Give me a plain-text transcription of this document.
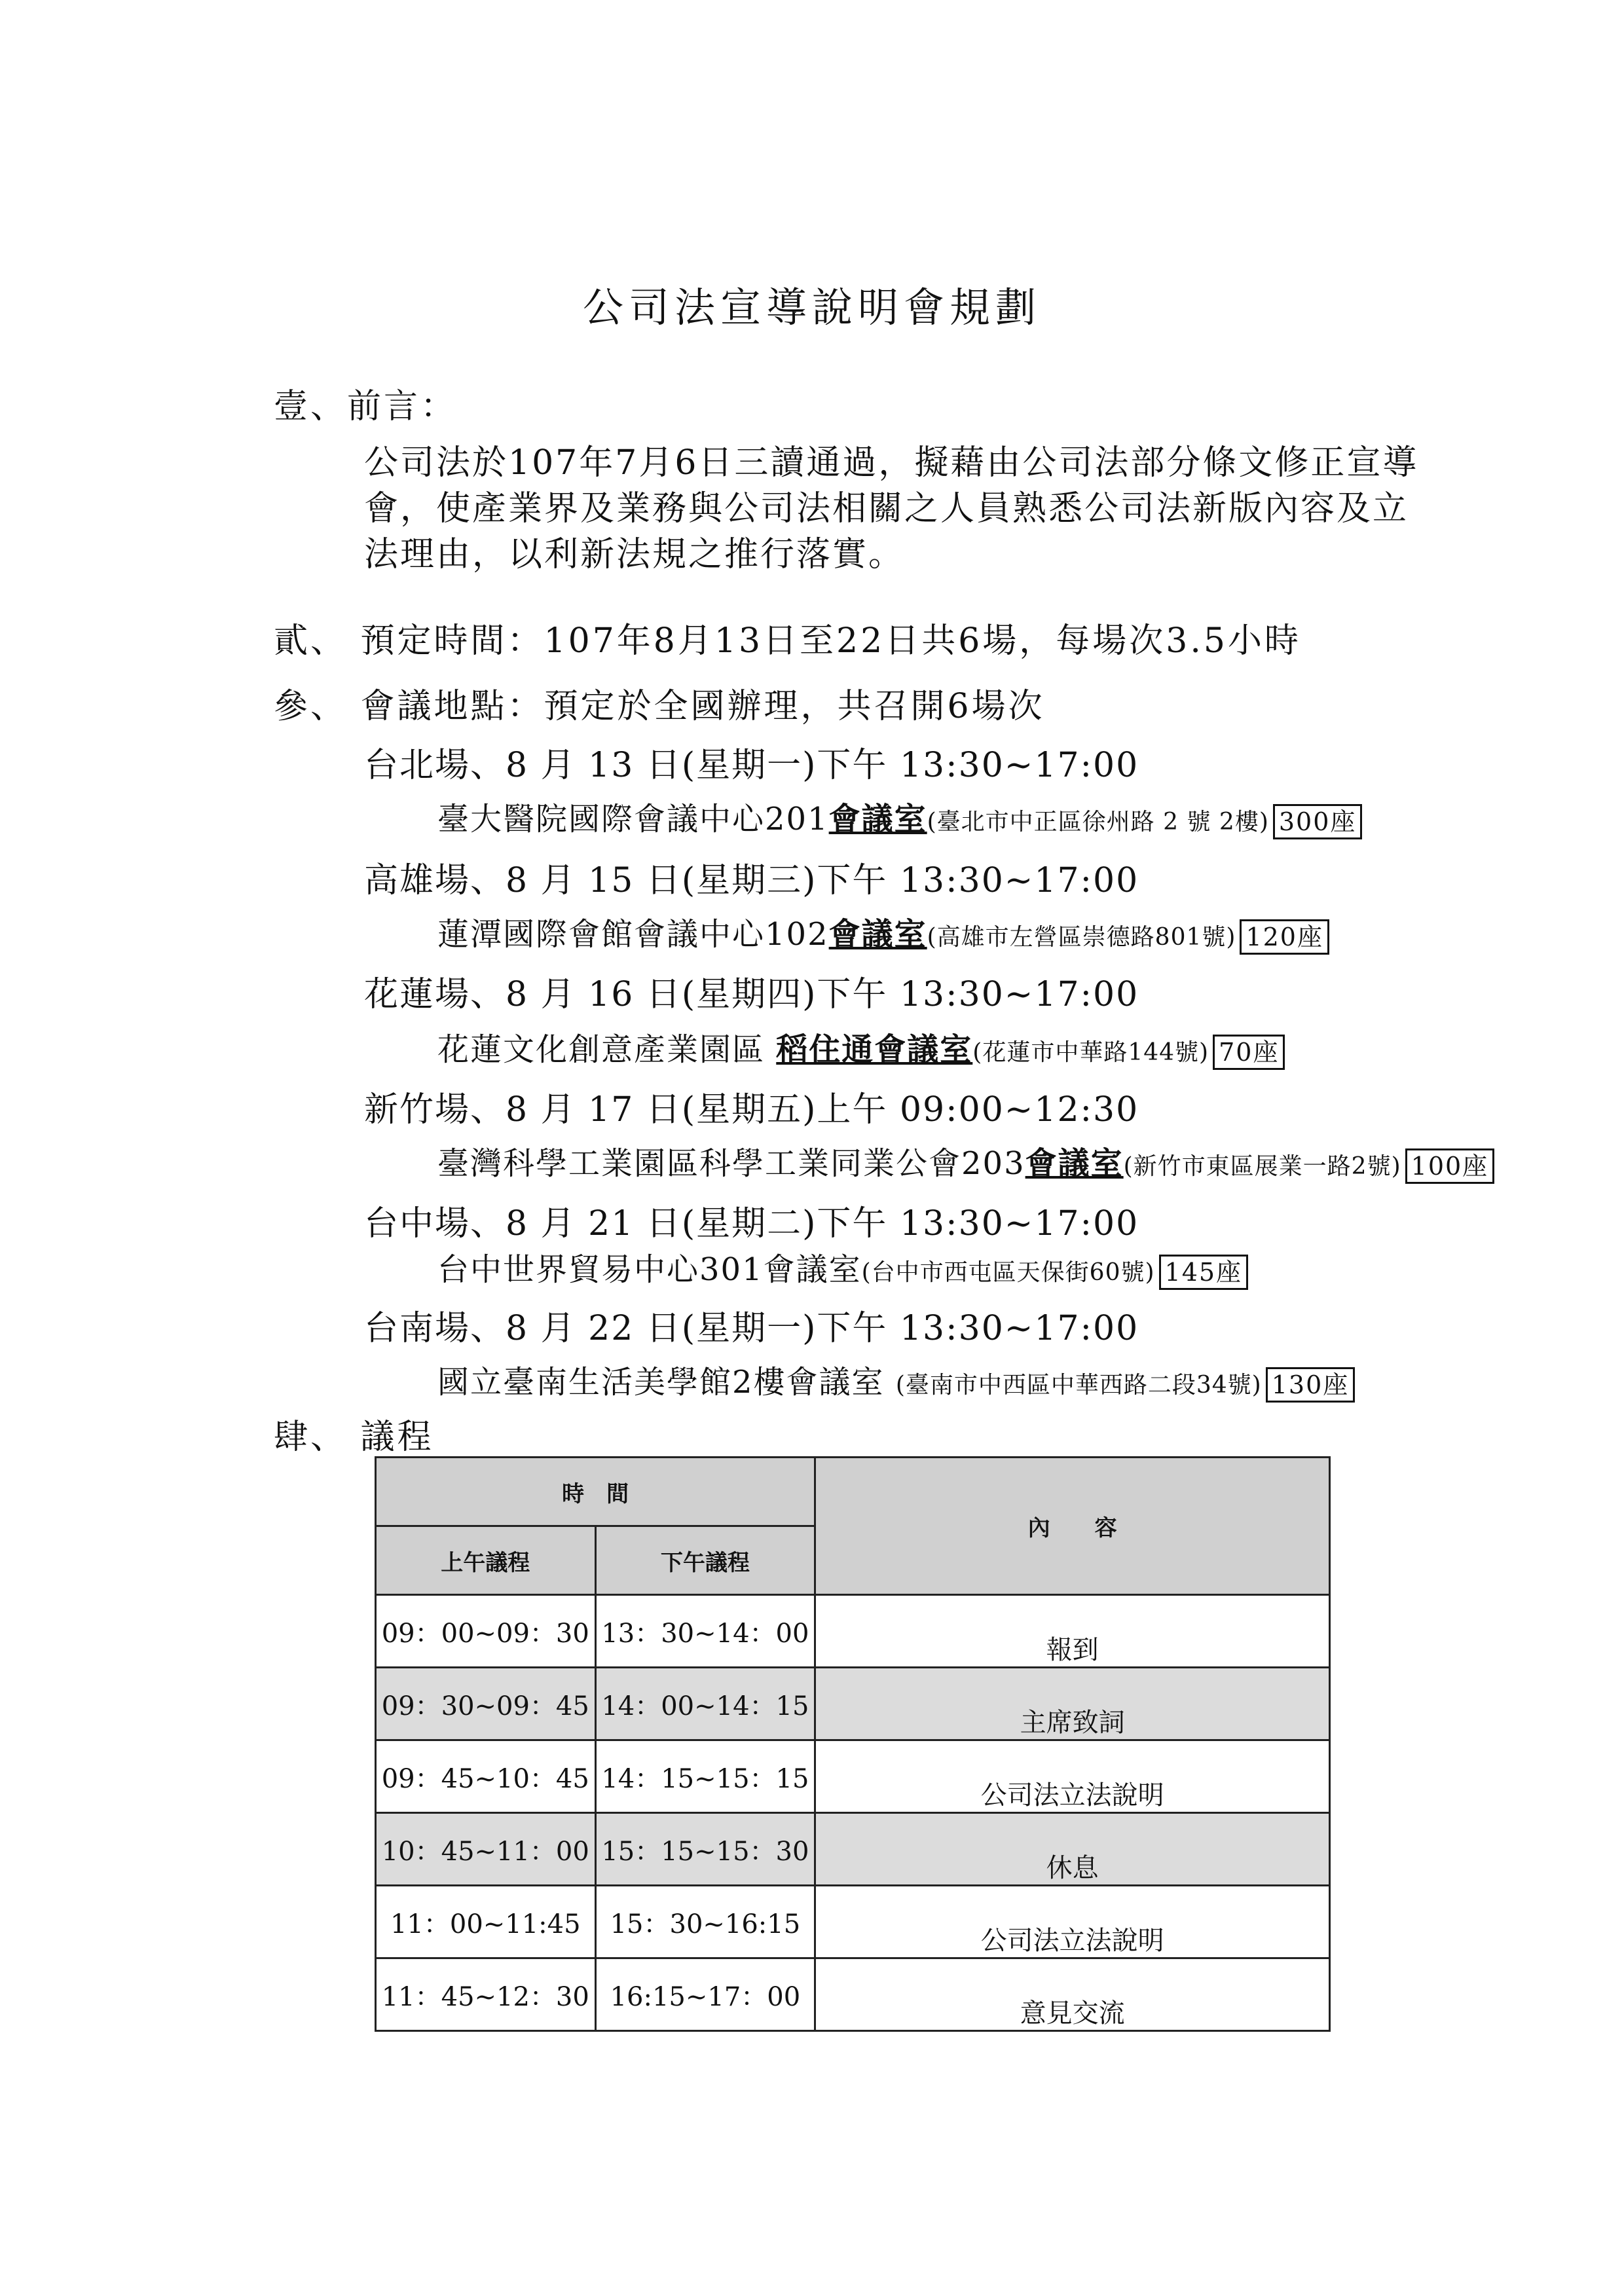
公司法宣導說明會規劃
壹、前言：
公司法於107年7月6日三讀通過，擬藉由公司法部分條文修正宣導
會，使產業界及業務與公司法相關之人員熟悉公司法新版內容及立
法理由，以利新法規之推行落實。
貳、 預定時間：107年8月13日至22日共6場，每場次3.5小時
參、 會議地點：預定於全國辦理，共召開6場次
台北場、8 月 13 日(星期一)下午 13:30~17:00
臺大醫院國際會議中心201會議室(臺北市中正區徐州路 2 號 2樓) 300座
高雄場、8 月 15 日(星期三)下午 13:30~17:00
蓮潭國際會館會議中心102會議室(高雄市左營區崇德路801號) 120座
花蓮場、8 月 16 日(星期四)下午 13:30~17:00
花蓮文化創意產業園區 稻住通會議室(花蓮市中華路144號) 70座
新竹場、8 月 17 日(星期五)上午 09:00~12:30
臺灣科學工業園區科學工業同業公會203會議室(新竹市東區展業一路2號) 100座
台中場、8 月 21 日(星期二)下午 13:30~17:00
台中世界貿易中心301會議室(台中市西屯區天保街60號) 145座
台南場、8 月 22 日(星期一)下午 13:30~17:00
國立臺南生活美學館2樓會議室 (臺南市中西區中華西路二段34號) 130座
肆、 議程
時　間		內　　容
上午議程	下午議程	
09：00~09：30	13：30~14：00	報到
09：30~09：45	14：00~14：15	主席致詞
09：45~10：45	14：15~15：15	公司法立法說明
10：45~11：00	15：15~15：30	休息
11：00~11:45	15：30~16:15	公司法立法說明
11：45~12：30	16:15~17：00	意見交流
